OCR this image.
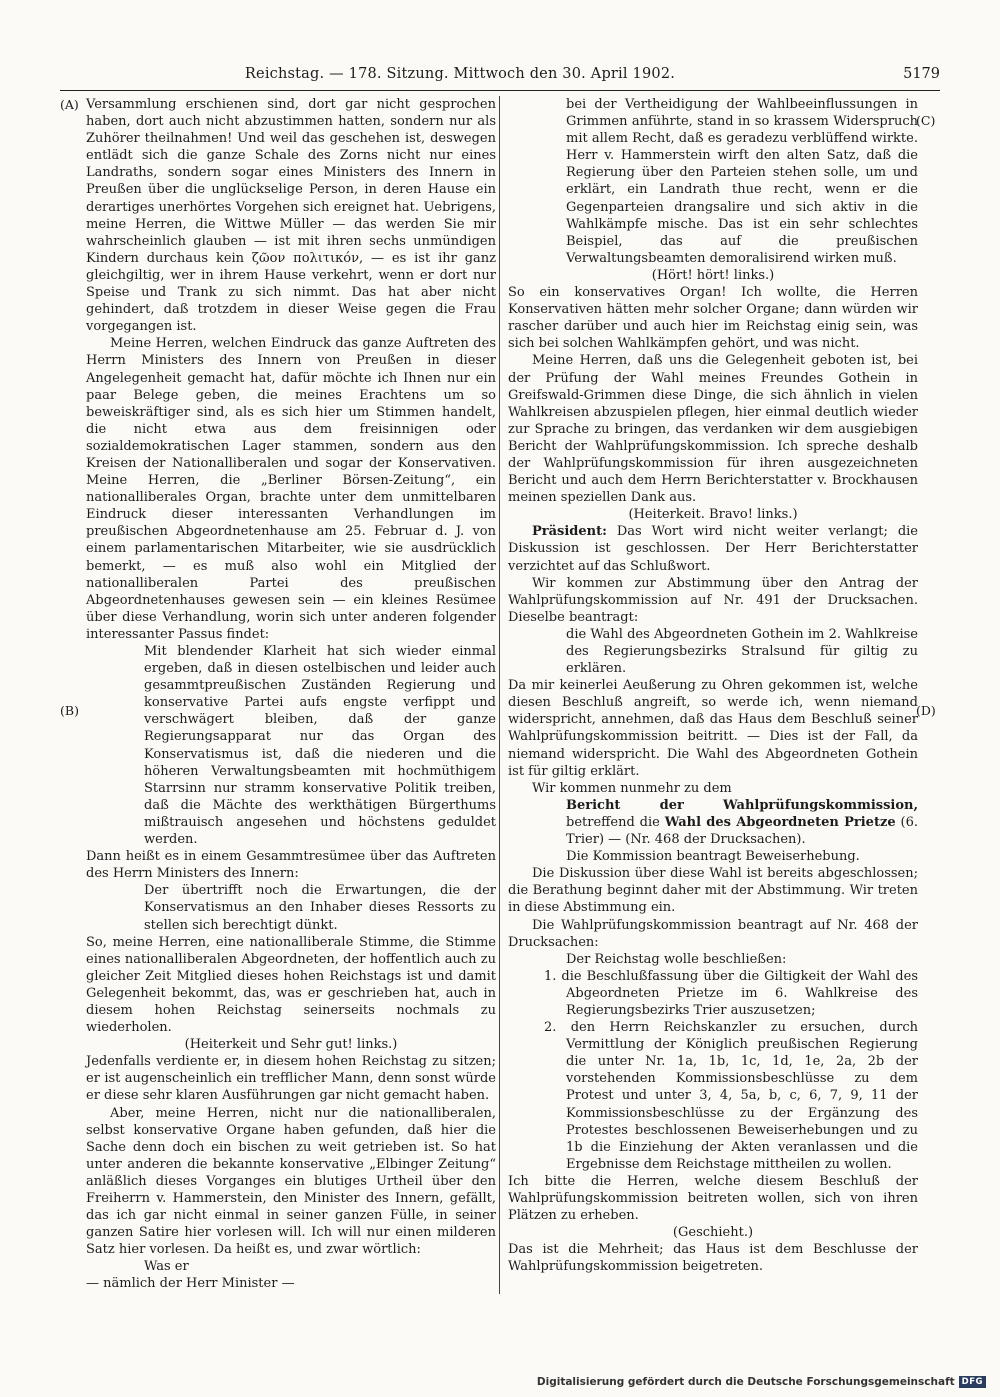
Reichstag. — 178. Sitzung. Mittwoch den 30. April 1902.	5179
(A)
(B)
(C)
(D)

Versammlung erschienen sind, dort gar nicht gesprochen haben, dort auch nicht abzustimmen hatten, sondern nur als Zuhörer theilnahmen! Und weil das geschehen ist, deswegen entlädt sich die ganze Schale des Zorns nicht nur eines Landraths, sondern sogar eines Ministers des Innern in Preußen über die unglückselige Person, in deren Hause ein derartiges unerhörtes Vorgehen sich ereignet hat. Uebrigens, meine Herren, die Wittwe Müller — das werden Sie mir wahrscheinlich glauben — ist mit ihren sechs unmündigen Kindern durchaus kein ζῶον πολιτικόν, — es ist ihr ganz gleichgiltig, wer in ihrem Hause verkehrt, wenn er dort nur Speise und Trank zu sich nimmt. Das hat aber nicht gehindert, daß trotzdem in dieser Weise gegen die Frau vorgegangen ist.

Meine Herren, welchen Eindruck das ganze Auftreten des Herrn Ministers des Innern von Preußen in dieser Angelegenheit gemacht hat, dafür möchte ich Ihnen nur ein paar Belege geben, die meines Erachtens um so beweiskräftiger sind, als es sich hier um Stimmen handelt, die nicht etwa aus dem freisinnigen oder sozialdemokratischen Lager stammen, sondern aus den Kreisen der Nationalliberalen und sogar der Konservativen. Meine Herren, die „Berliner Börsen-Zeitung“, ein nationalliberales Organ, brachte unter dem unmittelbaren Eindruck dieser interessanten Verhandlungen im preußischen Abgeordnetenhause am 25. Februar d. J. von einem parlamentarischen Mitarbeiter, wie sie ausdrücklich bemerkt, — es muß also wohl ein Mitglied der nationalliberalen Partei des preußischen Abgeordnetenhauses gewesen sein — ein kleines Resümee über diese Verhandlung, worin sich unter anderen folgender interessanter Passus findet:

Mit blendender Klarheit hat sich wieder einmal ergeben, daß in diesen ostelbischen und leider auch gesammtpreußischen Zuständen Regierung und konservative Partei aufs engste verfippt und verschwägert bleiben, daß der ganze Regierungsapparat nur das Organ des Konservatismus ist, daß die niederen und die höheren Verwaltungsbeamten mit hochmüthigem Starrsinn nur stramm konservative Politik treiben, daß die Mächte des werkthätigen Bürgerthums mißtrauisch angesehen und höchstens geduldet werden.

Dann heißt es in einem Gesammtresümee über das Auftreten des Herrn Ministers des Innern:

Der übertrifft noch die Erwartungen, die der Konservatismus an den Inhaber dieses Ressorts zu stellen sich berechtigt dünkt.

So, meine Herren, eine nationalliberale Stimme, die Stimme eines nationalliberalen Abgeordneten, der hoffentlich auch zu gleicher Zeit Mitglied dieses hohen Reichstags ist und damit Gelegenheit bekommt, das, was er geschrieben hat, auch in diesem hohen Reichstag seinerseits nochmals zu wiederholen.

(Heiterkeit und Sehr gut! links.)

Jedenfalls verdiente er, in diesem hohen Reichstag zu sitzen; er ist augenscheinlich ein trefflicher Mann, denn sonst würde er diese sehr klaren Ausführungen gar nicht gemacht haben.

Aber, meine Herren, nicht nur die nationalliberalen, selbst konservative Organe haben gefunden, daß hier die Sache denn doch ein bischen zu weit getrieben ist. So hat unter anderen die bekannte konservative „Elbinger Zeitung“ anläßlich dieses Vorganges ein blutiges Urtheil über den Freiherrn v. Hammerstein, den Minister des Innern, gefällt, das ich gar nicht einmal in seiner ganzen Fülle, in seiner ganzen Satire hier vorlesen will. Ich will nur einen milderen Satz hier vorlesen. Da heißt es, und zwar wörtlich:

Was er

— nämlich der Herr Minister —

bei der Vertheidigung der Wahlbeeinflussungen in Grimmen anführte, stand in so krassem Widerspruch mit allem Recht, daß es geradezu verblüffend wirkte. Herr v. Hammerstein wirft den alten Satz, daß die Regierung über den Parteien stehen solle, um und erklärt, ein Landrath thue recht, wenn er die Gegenparteien drangsalire und sich aktiv in die Wahlkämpfe mische. Das ist ein sehr schlechtes Beispiel, das auf die preußischen Verwaltungsbeamten demoralisirend wirken muß.

(Hört! hört! links.)

So ein konservatives Organ! Ich wollte, die Herren Konservativen hätten mehr solcher Organe; dann würden wir rascher darüber und auch hier im Reichstag einig sein, was sich bei solchen Wahlkämpfen gehört, und was nicht.

Meine Herren, daß uns die Gelegenheit geboten ist, bei der Prüfung der Wahl meines Freundes Gothein in Greifswald-Grimmen diese Dinge, die sich ähnlich in vielen Wahlkreisen abzuspielen pflegen, hier einmal deutlich wieder zur Sprache zu bringen, das verdanken wir dem ausgiebigen Bericht der Wahlprüfungskommission. Ich spreche deshalb der Wahlprüfungskommission für ihren ausgezeichneten Bericht und auch dem Herrn Berichterstatter v. Brockhausen meinen speziellen Dank aus.

(Heiterkeit. Bravo! links.)

Präsident: Das Wort wird nicht weiter verlangt; die Diskussion ist geschlossen. Der Herr Berichterstatter verzichtet auf das Schlußwort.

Wir kommen zur Abstimmung über den Antrag der Wahlprüfungskommission auf Nr. 491 der Drucksachen. Dieselbe beantragt:

die Wahl des Abgeordneten Gothein im 2. Wahlkreise des Regierungsbezirks Stralsund für giltig zu erklären.

Da mir keinerlei Aeußerung zu Ohren gekommen ist, welche diesen Beschluß angreift, so werde ich, wenn niemand widerspricht, annehmen, daß das Haus dem Beschluß seiner Wahlprüfungskommission beitritt. — Dies ist der Fall, da niemand widerspricht. Die Wahl des Abgeordneten Gothein ist für giltig erklärt.

Wir kommen nunmehr zu dem

Bericht der Wahlprüfungskommission, betreffend die Wahl des Abgeordneten Prietze (6. Trier) — (Nr. 468 der Drucksachen).

Die Kommission beantragt Beweiserhebung.

Die Diskussion über diese Wahl ist bereits abgeschlossen; die Berathung beginnt daher mit der Abstimmung. Wir treten in diese Abstimmung ein.

Die Wahlprüfungskommission beantragt auf Nr. 468 der Drucksachen:

Der Reichstag wolle beschließen:

1. die Beschlußfassung über die Giltigkeit der Wahl des Abgeordneten Prietze im 6. Wahlkreise des Regierungsbezirks Trier auszusetzen;

2. den Herrn Reichskanzler zu ersuchen, durch Vermittlung der Königlich preußischen Regierung die unter Nr. 1a, 1b, 1c, 1d, 1e, 2a, 2b der vorstehenden Kommissionsbeschlüsse zu dem Protest und unter 3, 4, 5a, b, c, 6, 7, 9, 11 der Kommissionsbeschlüsse zu der Ergänzung des Protestes beschlossenen Beweiserhebungen und zu 1b die Einziehung der Akten veranlassen und die Ergebnisse dem Reichstage mittheilen zu wollen.

Ich bitte die Herren, welche diesem Beschluß der Wahlprüfungskommission beitreten wollen, sich von ihren Plätzen zu erheben.

(Geschieht.)

Das ist die Mehrheit; das Haus ist dem Beschlusse der Wahlprüfungskommission beigetreten.

Digitalisierung gefördert durch die Deutsche Forschungsgemeinschaft DFG
